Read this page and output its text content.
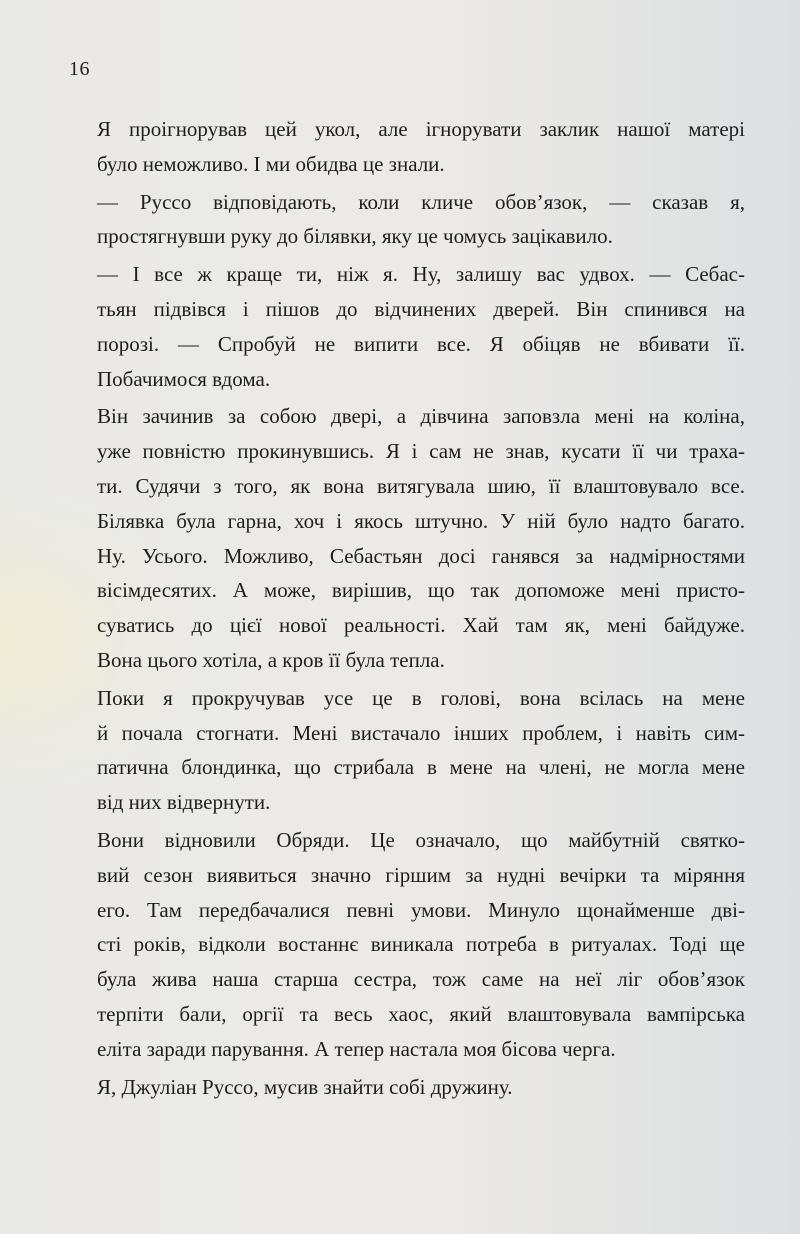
16

Я проігнорував цей укол, але ігнорувати заклик нашої матері
було неможливо. І ми обидва це знали.

— Руссо відповідають, коли кличе обов’язок, — сказав я,
простягнувши руку до білявки, яку це чомусь зацікавило.

— І все ж краще ти, ніж я. Ну, залишу вас удвох. — Себас-
тьян підвівся і пішов до відчинених дверей. Він спинився на
порозі. — Спробуй не випити все. Я обіцяв не вбивати її.
Побачимося вдома.

Він зачинив за собою двері, а дівчина заповзла мені на коліна,
уже повністю прокинувшись. Я і сам не знав, кусати її чи траха-
ти. Судячи з того, як вона витягувала шию, її влаштовувало все.
Білявка була гарна, хоч і якось штучно. У ній було надто багато.
Ну. Усього. Можливо, Себастьян досі ганявся за надмірностями
вісімдесятих. А може, вирішив, що так допоможе мені присто-
суватись до цієї нової реальності. Хай там як, мені байдуже.
Вона цього хотіла, а кров її була тепла.

Поки я прокручував усе це в голові, вона всілась на мене
й почала стогнати. Мені вистачало інших проблем, і навіть сим-
патична блондинка, що стрибала в мене на члені, не могла мене
від них відвернути.

Вони відновили Обряди. Це означало, що майбутній святко-
вий сезон виявиться значно гіршим за нудні вечірки та міряння
его. Там передбачалися певні умови. Минуло щонайменше дві-
сті років, відколи востаннє виникала потреба в ритуалах. Тоді ще
була жива наша старша сестра, тож саме на неї ліг обов’язок
терпіти бали, оргії та весь хаос, який влаштовувала вампірська
еліта заради парування. А тепер настала моя бісова черга.

Я, Джуліан Руссо, мусив знайти собі дружину.
